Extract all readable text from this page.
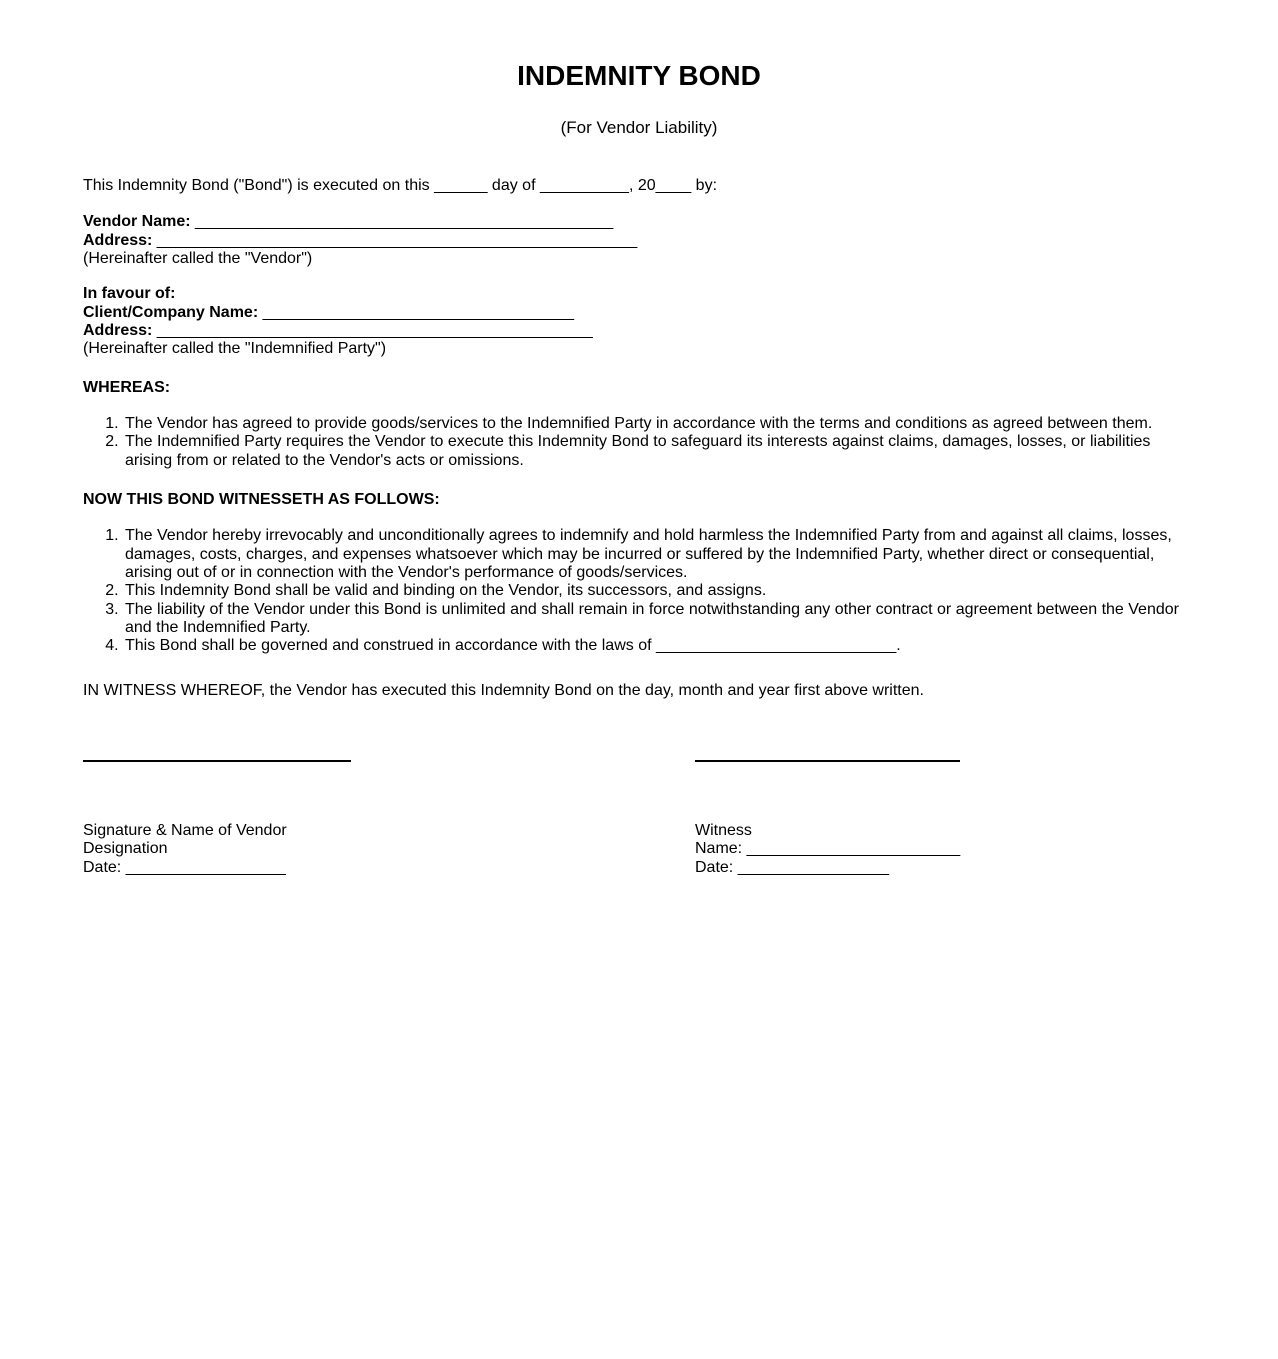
INDEMNITY BOND
(For Vendor Liability)

This Indemnity Bond ("Bond") is executed on this ______ day of __________, 20____ by:

Vendor Name: _______________________________________________
Address: ______________________________________________________
(Hereinafter called the "Vendor")
In favour of:
Client/Company Name: ___________________________________
Address: _________________________________________________
(Hereinafter called the "Indemnified Party")
WHEREAS:
1. The Vendor has agreed to provide goods/services to the Indemnified Party in accordance with the terms and conditions as agreed between them.
2. The Indemnified Party requires the Vendor to execute this Indemnity Bond to safeguard its interests against claims, damages, losses, or liabilities arising from or related to the Vendor's acts or omissions.
NOW THIS BOND WITNESSETH AS FOLLOWS:
1. The Vendor hereby irrevocably and unconditionally agrees to indemnify and hold harmless the Indemnified Party from and against all claims, losses, damages, costs, charges, and expenses whatsoever which may be incurred or suffered by the Indemnified Party, whether direct or consequential, arising out of or in connection with the Vendor's performance of goods/services.
2. This Indemnity Bond shall be valid and binding on the Vendor, its successors, and assigns.
3. The liability of the Vendor under this Bond is unlimited and shall remain in force notwithstanding any other contract or agreement between the Vendor and the Indemnified Party.
4. This Bond shall be governed and construed in accordance with the laws of ___________________________.

IN WITNESS WHEREOF, the Vendor has executed this Indemnity Bond on the day, month and year first above written.

Signature & Name of Vendor
Designation
Date: __________________
Witness
Name: ________________________
Date: _________________
